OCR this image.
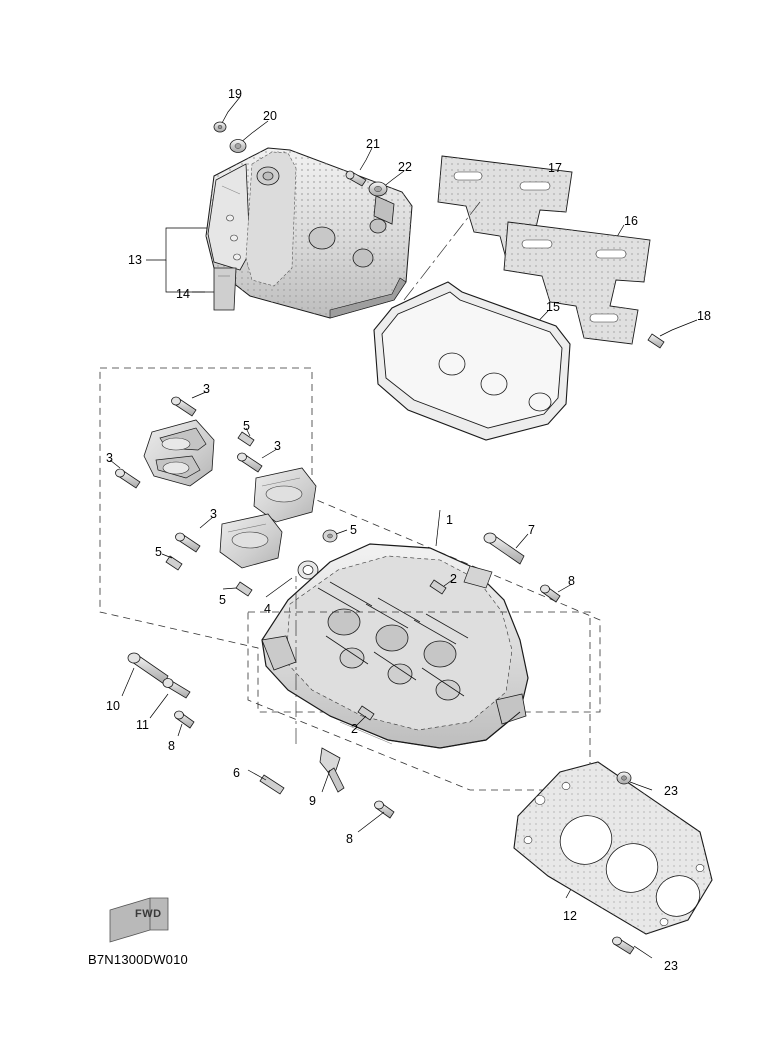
FWD
B7N1300DW010
19
20
21
22	17
16
13
14
15
18
3
5
3
3
3	1
7
5
5
2	8
5
4
10
11	2
8
6
9
23
8
12
23
